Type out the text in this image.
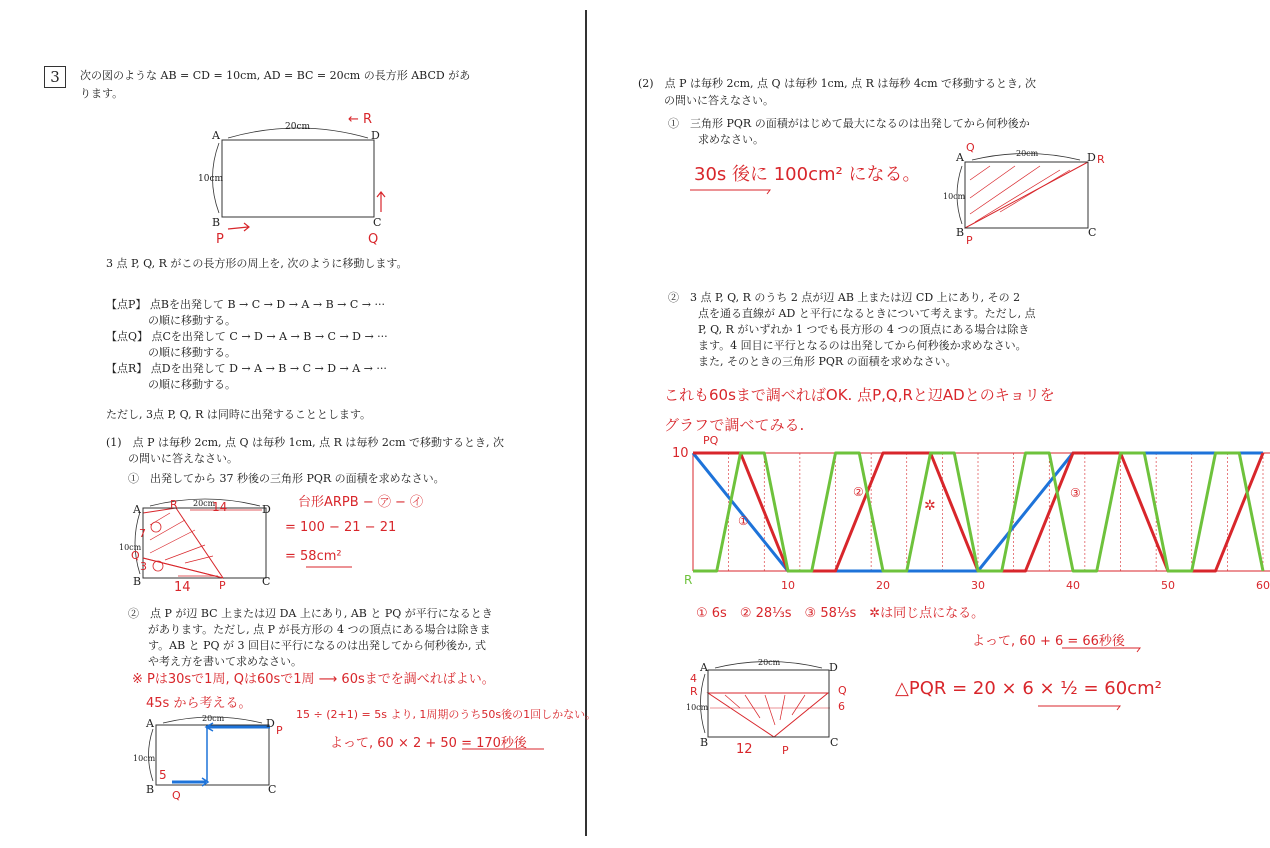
3	次の図のような AB = CD = 10cm, AD = BC = 20cm の長方形 ABCD があ
ります。
20cm
10cm
A	D
B	C
← R
P	Q
3 点 P, Q, R がこの長方形の周上を, 次のように移動します。
【点P】 点Bを出発して B → C → D → A → B → C → ···
の順に移動する。
【点Q】 点Cを出発して C → D → A → B → C → D → ···
の順に移動する。
【点R】 点Dを出発して D → A → B → C → D → A → ···
の順に移動する。
ただし, 3点 P, Q, R は同時に出発することとします。
(1)　点 P は毎秒 2cm, 点 Q は毎秒 1cm, 点 R は毎秒 2cm で移動するとき, 次
の問いに答えなさい。
①　出発してから 37 秒後の三角形 PQR の面積を求めなさい。
20cm
10cm
A	D
B	C
R	14
7
Q
3
14	P
台形ARPB − ㋐ − ㋑
= 100 − 21 − 21
= 58cm²
②　点 P が辺 BC 上または辺 DA 上にあり, AB と PQ が平行になるとき
があります。ただし, 点 P が長方形の 4 つの頂点にある場合は除きま
す。AB と PQ が 3 回目に平行になるのは出発してから何秒後か, 式
や考え方を書いて求めなさい。
※ Pは30sで1周, Qは60sで1周 ⟶ 60sまでを調べればよい。
45s から考える。
15 ÷ (2+1) = 5s より, 1周期のうち50s後の1回しかない。
よって, 60 × 2 + 50 = 170秒後
20cm
10cm
A	D
B	C
P
5
Q
(2)　点 P は毎秒 2cm, 点 Q は毎秒 1cm, 点 R は毎秒 4cm で移動するとき, 次
の問いに答えなさい。
①　三角形 PQR の面積がはじめて最大になるのは出発してから何秒後か
求めなさい。
30s 後に 100cm² になる。
20cm
10cm
A	D
B	C
Q
R
P
②　3 点 P, Q, R のうち 2 点が辺 AB 上または辺 CD 上にあり, その 2
点を通る直線が AD と平行になるときについて考えます。ただし, 点
P, Q, R がいずれか 1 つでも長方形の 4 つの頂点にある場合は除き
ます。4 回目に平行となるのは出発してから何秒後か求めなさい。
また, そのときの三角形 PQR の面積を求めなさい。
これも60sまで調べればOK. 点P,Q,Rと辺ADとのキョリを
グラフで調べてみる.
10
PQ
R	10	20	30	40	50	60
①
②
✲
③
① 6s　② 28⅓s　③ 58⅓s　✲は同じ点になる。
よって, 60 + 6 = 66秒後
20cm
10cm
A	D
B	C
4
R	Q
6
12	P
△PQR = 20 × 6 × ½ = 60cm²
